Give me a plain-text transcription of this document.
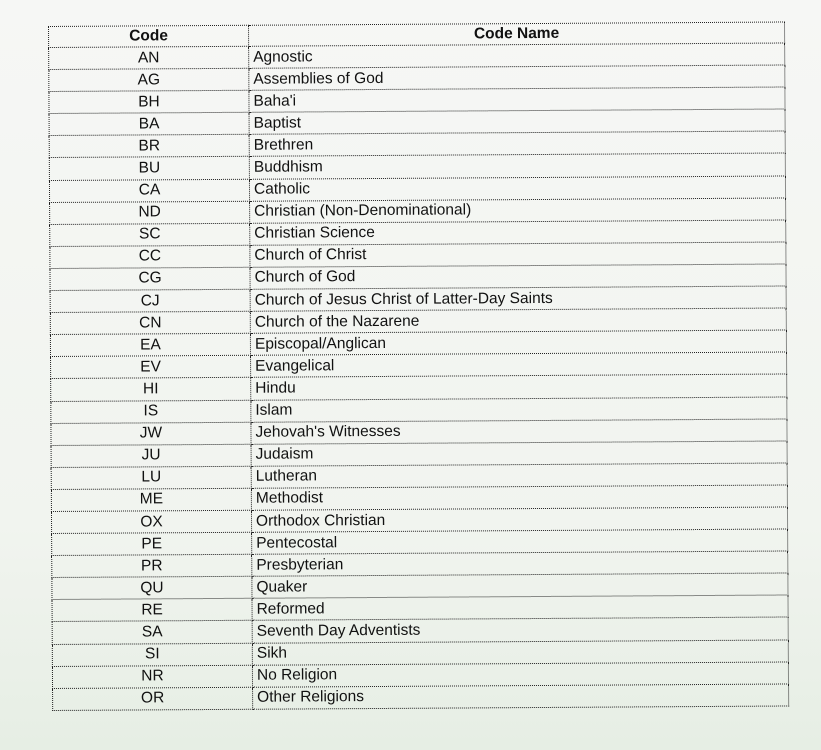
Code	Code Name
AN	Agnostic
AG	Assemblies of God
BH	Baha'i
BA	Baptist
BR	Brethren
BU	Buddhism
CA	Catholic
ND	Christian (Non-Denominational)
SC	Christian Science
CC	Church of Christ
CG	Church of God
CJ	Church of Jesus Christ of Latter-Day Saints
CN	Church of the Nazarene
EA	Episcopal/Anglican
EV	Evangelical
HI	Hindu
IS	Islam
JW	Jehovah's Witnesses
JU	Judaism
LU	Lutheran
ME	Methodist
OX	Orthodox Christian
PE	Pentecostal
PR	Presbyterian
QU	Quaker
RE	Reformed
SA	Seventh Day Adventists
SI	Sikh
NR	No Religion
OR	Other Religions
